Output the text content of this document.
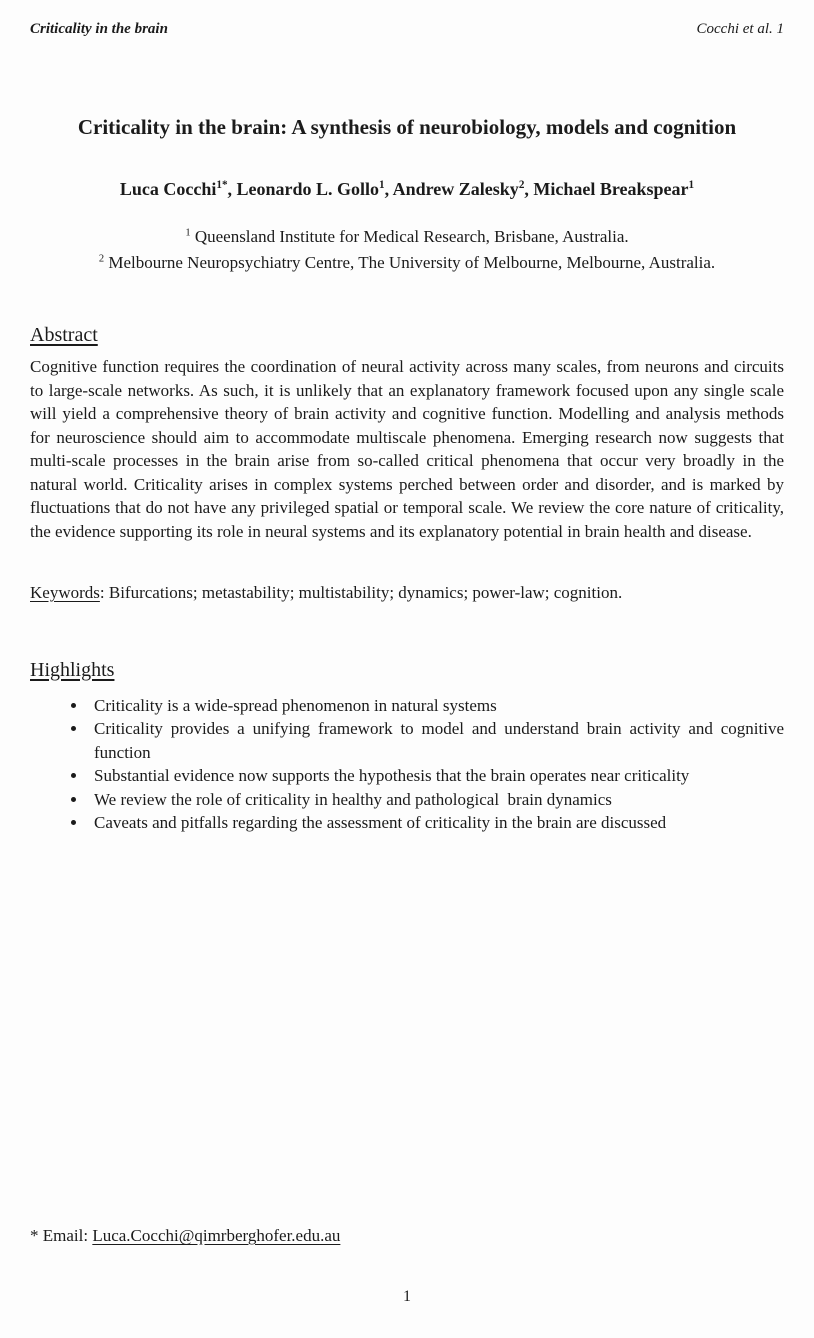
Criticality in the brain	Cocchi et al. 1
Criticality in the brain: A synthesis of neurobiology, models and cognition
Luca Cocchi$^{1*}$, Leonardo L. Gollo$^1$, Andrew Zalesky$^2$, Michael Breakspear$^1$
$^1$ Queensland Institute for Medical Research, Brisbane, Australia.
$^2$ Melbourne Neuropsychiatry Centre, The University of Melbourne, Melbourne, Australia.
Abstract

Cognitive function requires the coordination of neural activity across many scales, from neurons and circuits to large-scale networks. As such, it is unlikely that an explanatory framework focused upon any single scale will yield a comprehensive theory of brain activity and cognitive function. Modelling and analysis methods for neuroscience should aim to accommodate multiscale phenomena. Emerging research now suggests that multi-scale processes in the brain arise from so-called critical phenomena that occur very broadly in the natural world. Criticality arises in complex systems perched between order and disorder, and is marked by fluctuations that do not have any privileged spatial or temporal scale. We review the core nature of criticality, the evidence supporting its role in neural systems and its explanatory potential in brain health and disease.

Keywords: Bifurcations; metastability; multistability; dynamics; power-law; cognition.

Highlights
• Criticality is a wide-spread phenomenon in natural systems
• Criticality provides a unifying framework to model and understand brain activity and cognitive function
• Substantial evidence now supports the hypothesis that the brain operates near criticality
• We review the role of criticality in healthy and pathological  brain dynamics
• Caveats and pitfalls regarding the assessment of criticality in the brain are discussed
* Email: Luca.Cocchi@qimrberghofer.edu.au
1
